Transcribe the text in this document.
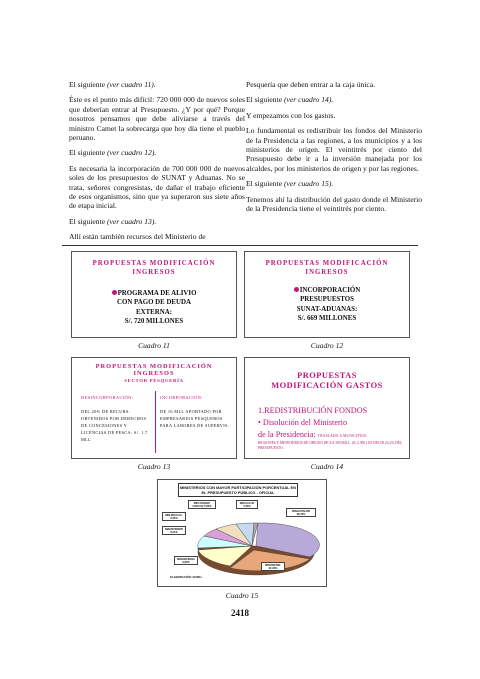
El siguiente (ver cuadro 11).

Éste es el punto más difícil: 720 000 000 de nuevos soles que deberían entrar al Presupuesto. ¿Y por qué? Porque nosotros pensamos que debe aliviarse a través del ministro Camet la sobrecarga que hoy día tiene el pueblo peruano.

El siguiente (ver cuadro 12).

Es necesaria la incorporación de 700 000 000 de nuevos soles de los presupuestos de SUNAT y Aduanas. No se trata, señores congresistas, de dañar el trabajo eficiente de esos organismos, sino que ya superaron sus siete años de etapa inicial.

El siguiente (ver cuadro 13).

Allí están también recursos del Ministerio de

Pesquería que deben entrar a la caja única.

El siguiente (ver cuadro 14).

Y empezamos con los gastos.

Lo fundamental es redistribuir los fondos del Ministerio de la Presidencia a las regiones, a los municipios y a los ministerios de origen. El veintitrés por ciento del Presupuesto debe ir a la inversión manejada por los alcaldes, por los ministerios de origen y por las regiones.

El siguiente (ver cuadro 15).

Tenemos ahí la distribución del gasto donde el Ministerio de la Presidencia tiene el veintitrés por ciento.

PROPUESTAS MODIFICACIÓN
INGRESOS
PROGRAMA DE ALIVIO
CON PAGO DE DEUDA
EXTERNA:
S/. 720 MILLONES
Cuadro 11
PROPUESTAS MODIFICACIÓN
INGRESOS
INCORPORACIÓN
PRESUPUESTOS
SUNAT-ADUANAS:
S/. 669 MILLONES
Cuadro 12
PROPUESTAS MODIFICACIÓN
INGRESOS
SECTOR PESQUERÍA
DESINCORPORACIÓN:	INCORPORACIÓN:
DEL 20% DE RECURS. OBTENIDOS POR DERECHOS DE CONCESIONES Y LICENCIAS DE PESCA: S/. 1.7 MLL
DE 16 MLL APORTADO POR EMPRESARIOS PESQUEROS PARA LABORES DE SUPERVIS.
Cuadro 13
PROPUESTAS
MODIFICACIÓN GASTOS
1.REDISTRIBUCIÓN FONDOS
• Disolución del Ministerio
de la Presidencia: TRASLADO A MUNICIPIOS,
REGIONES Y MINISTERIOS DE ORIGEN DE S/4.390 MILL. (S/.2.390 ) ES DECIR 22,2% DEL PRESUPUESTO.
Cuadro 14
MINISTERIOS CON MAYOR PARTICIPACIÓN PORCENTUAL EN
EL PRESUPUESTO PÚBLICO - OFICIAL
MIN.TRANSP. COM.VIV 5,85%
MIN.SALUD 5,33%
MIN.ECON.FIN 38,79%
MIN.EDUCAC. 3,65%
MIN.INTERIOR 8,31%
MIN.DEFENSA 9,69%
MIN.PRESID. 22,22%
ELABORACIÓN: SOMLL
Cuadro 15
2418
